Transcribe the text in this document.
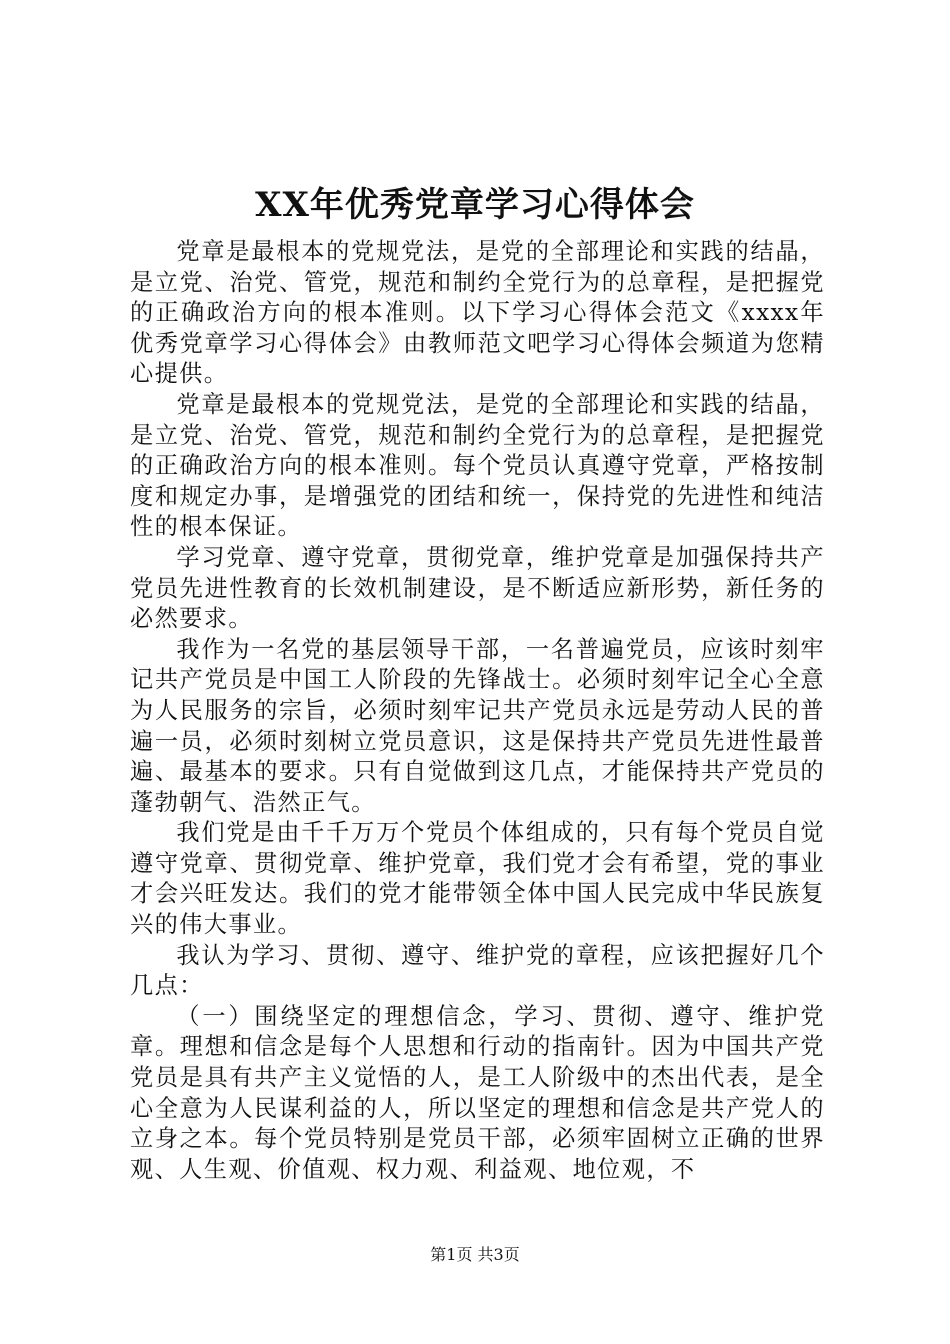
XX年优秀党章学习心得体会

党章是最根本的党规党法，是党的全部理论和实践的结晶，是立党、治党、管党，规范和制约全党行为的总章程，是把握党的正确政治方向的根本准则。以下学习心得体会范文《xxxx年优秀党章学习心得体会》由教师范文吧学习心得体会频道为您精心提供。

党章是最根本的党规党法，是党的全部理论和实践的结晶，是立党、治党、管党，规范和制约全党行为的总章程，是把握党的正确政治方向的根本准则。每个党员认真遵守党章，严格按制度和规定办事，是增强党的团结和统一，保持党的先进性和纯洁性的根本保证。

学习党章、遵守党章，贯彻党章，维护党章是加强保持共产党员先进性教育的长效机制建设，是不断适应新形势，新任务的必然要求。

我作为一名党的基层领导干部，一名普遍党员，应该时刻牢记共产党员是中国工人阶段的先锋战士。必须时刻牢记全心全意为人民服务的宗旨，必须时刻牢记共产党员永远是劳动人民的普遍一员，必须时刻树立党员意识，这是保持共产党员先进性最普遍、最基本的要求。只有自觉做到这几点，才能保持共产党员的蓬勃朝气、浩然正气。

我们党是由千千万万个党员个体组成的，只有每个党员自觉遵守党章、贯彻党章、维护党章，我们党才会有希望，党的事业才会兴旺发达。我们的党才能带领全体中国人民完成中华民族复兴的伟大事业。

我认为学习、贯彻、遵守、维护党的章程，应该把握好几个几点：

（一）围绕坚定的理想信念，学习、贯彻、遵守、维护党章。理想和信念是每个人思想和行动的指南针。因为中国共产党党员是具有共产主义觉悟的人，是工人阶级中的杰出代表，是全心全意为人民谋利益的人，所以坚定的理想和信念是共产党人的立身之本。每个党员特别是党员干部，必须牢固树立正确的世界观、人生观、价值观、权力观、利益观、地位观，不

第1页 共3页
